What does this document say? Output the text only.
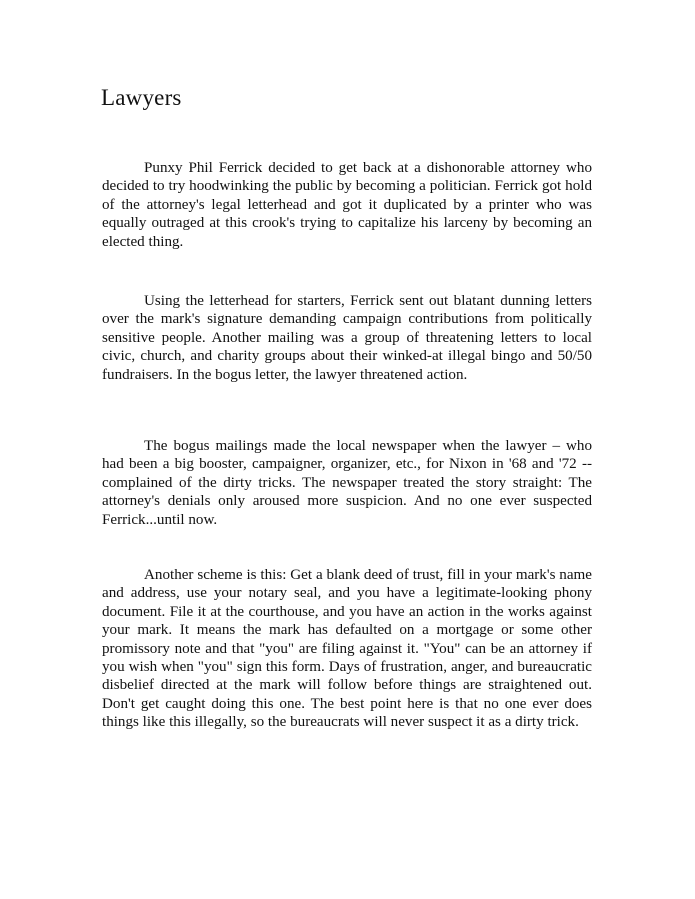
Lawyers

Punxy Phil Ferrick decided to get back at a dishonorable attorney who decided to try hoodwinking the public by becoming a politician. Ferrick got hold of the attorney's legal letterhead and got it duplicated by a printer who was equally outraged at this crook's trying to capitalize his larceny by becoming an elected thing.

Using the letterhead for starters, Ferrick sent out blatant dunning letters over the mark's signature demanding campaign contributions from politically sensitive people. Another mailing was a group of threatening letters to local civic, church, and charity groups about their winked-at illegal bingo and 50/50 fundraisers. In the bogus letter, the lawyer threatened action.

The bogus mailings made the local newspaper when the lawyer – who had been a big booster, campaigner, organizer, etc., for Nixon in '68 and '72 -- complained of the dirty tricks. The newspaper treated the story straight: The attorney's denials only aroused more suspicion. And no one ever suspected Ferrick...until now.

Another scheme is this: Get a blank deed of trust, fill in your mark's name and address, use your notary seal, and you have a legitimate-looking phony document. File it at the courthouse, and you have an action in the works against your mark. It means the mark has defaulted on a mortgage or some other promissory note and that "you" are filing against it. "You" can be an attorney if you wish when "you" sign this form. Days of frustration, anger, and bureaucratic disbelief directed at the mark will follow before things are straightened out. Don't get caught doing this one. The best point here is that no one ever does things like this illegally, so the bureaucrats will never suspect it as a dirty trick.
